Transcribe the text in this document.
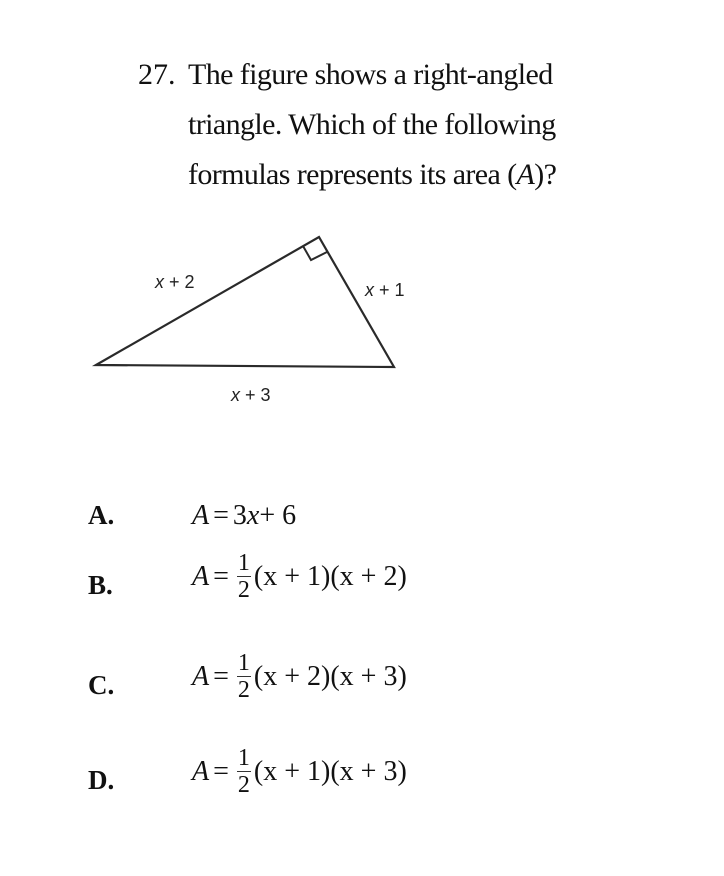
27. The figure shows a right-angled
triangle. Which of the following
formulas represents its area (A)?
x + 2	x + 1
x + 3
A.	A = 3 x + 6
B.	$A = \frac{1}{2} (x + 1)(x + 2)$
C.	$A = \frac{1}{2} (x + 2)(x + 3)$
D.	$A = \frac{1}{2} (x + 1)(x + 3)$
